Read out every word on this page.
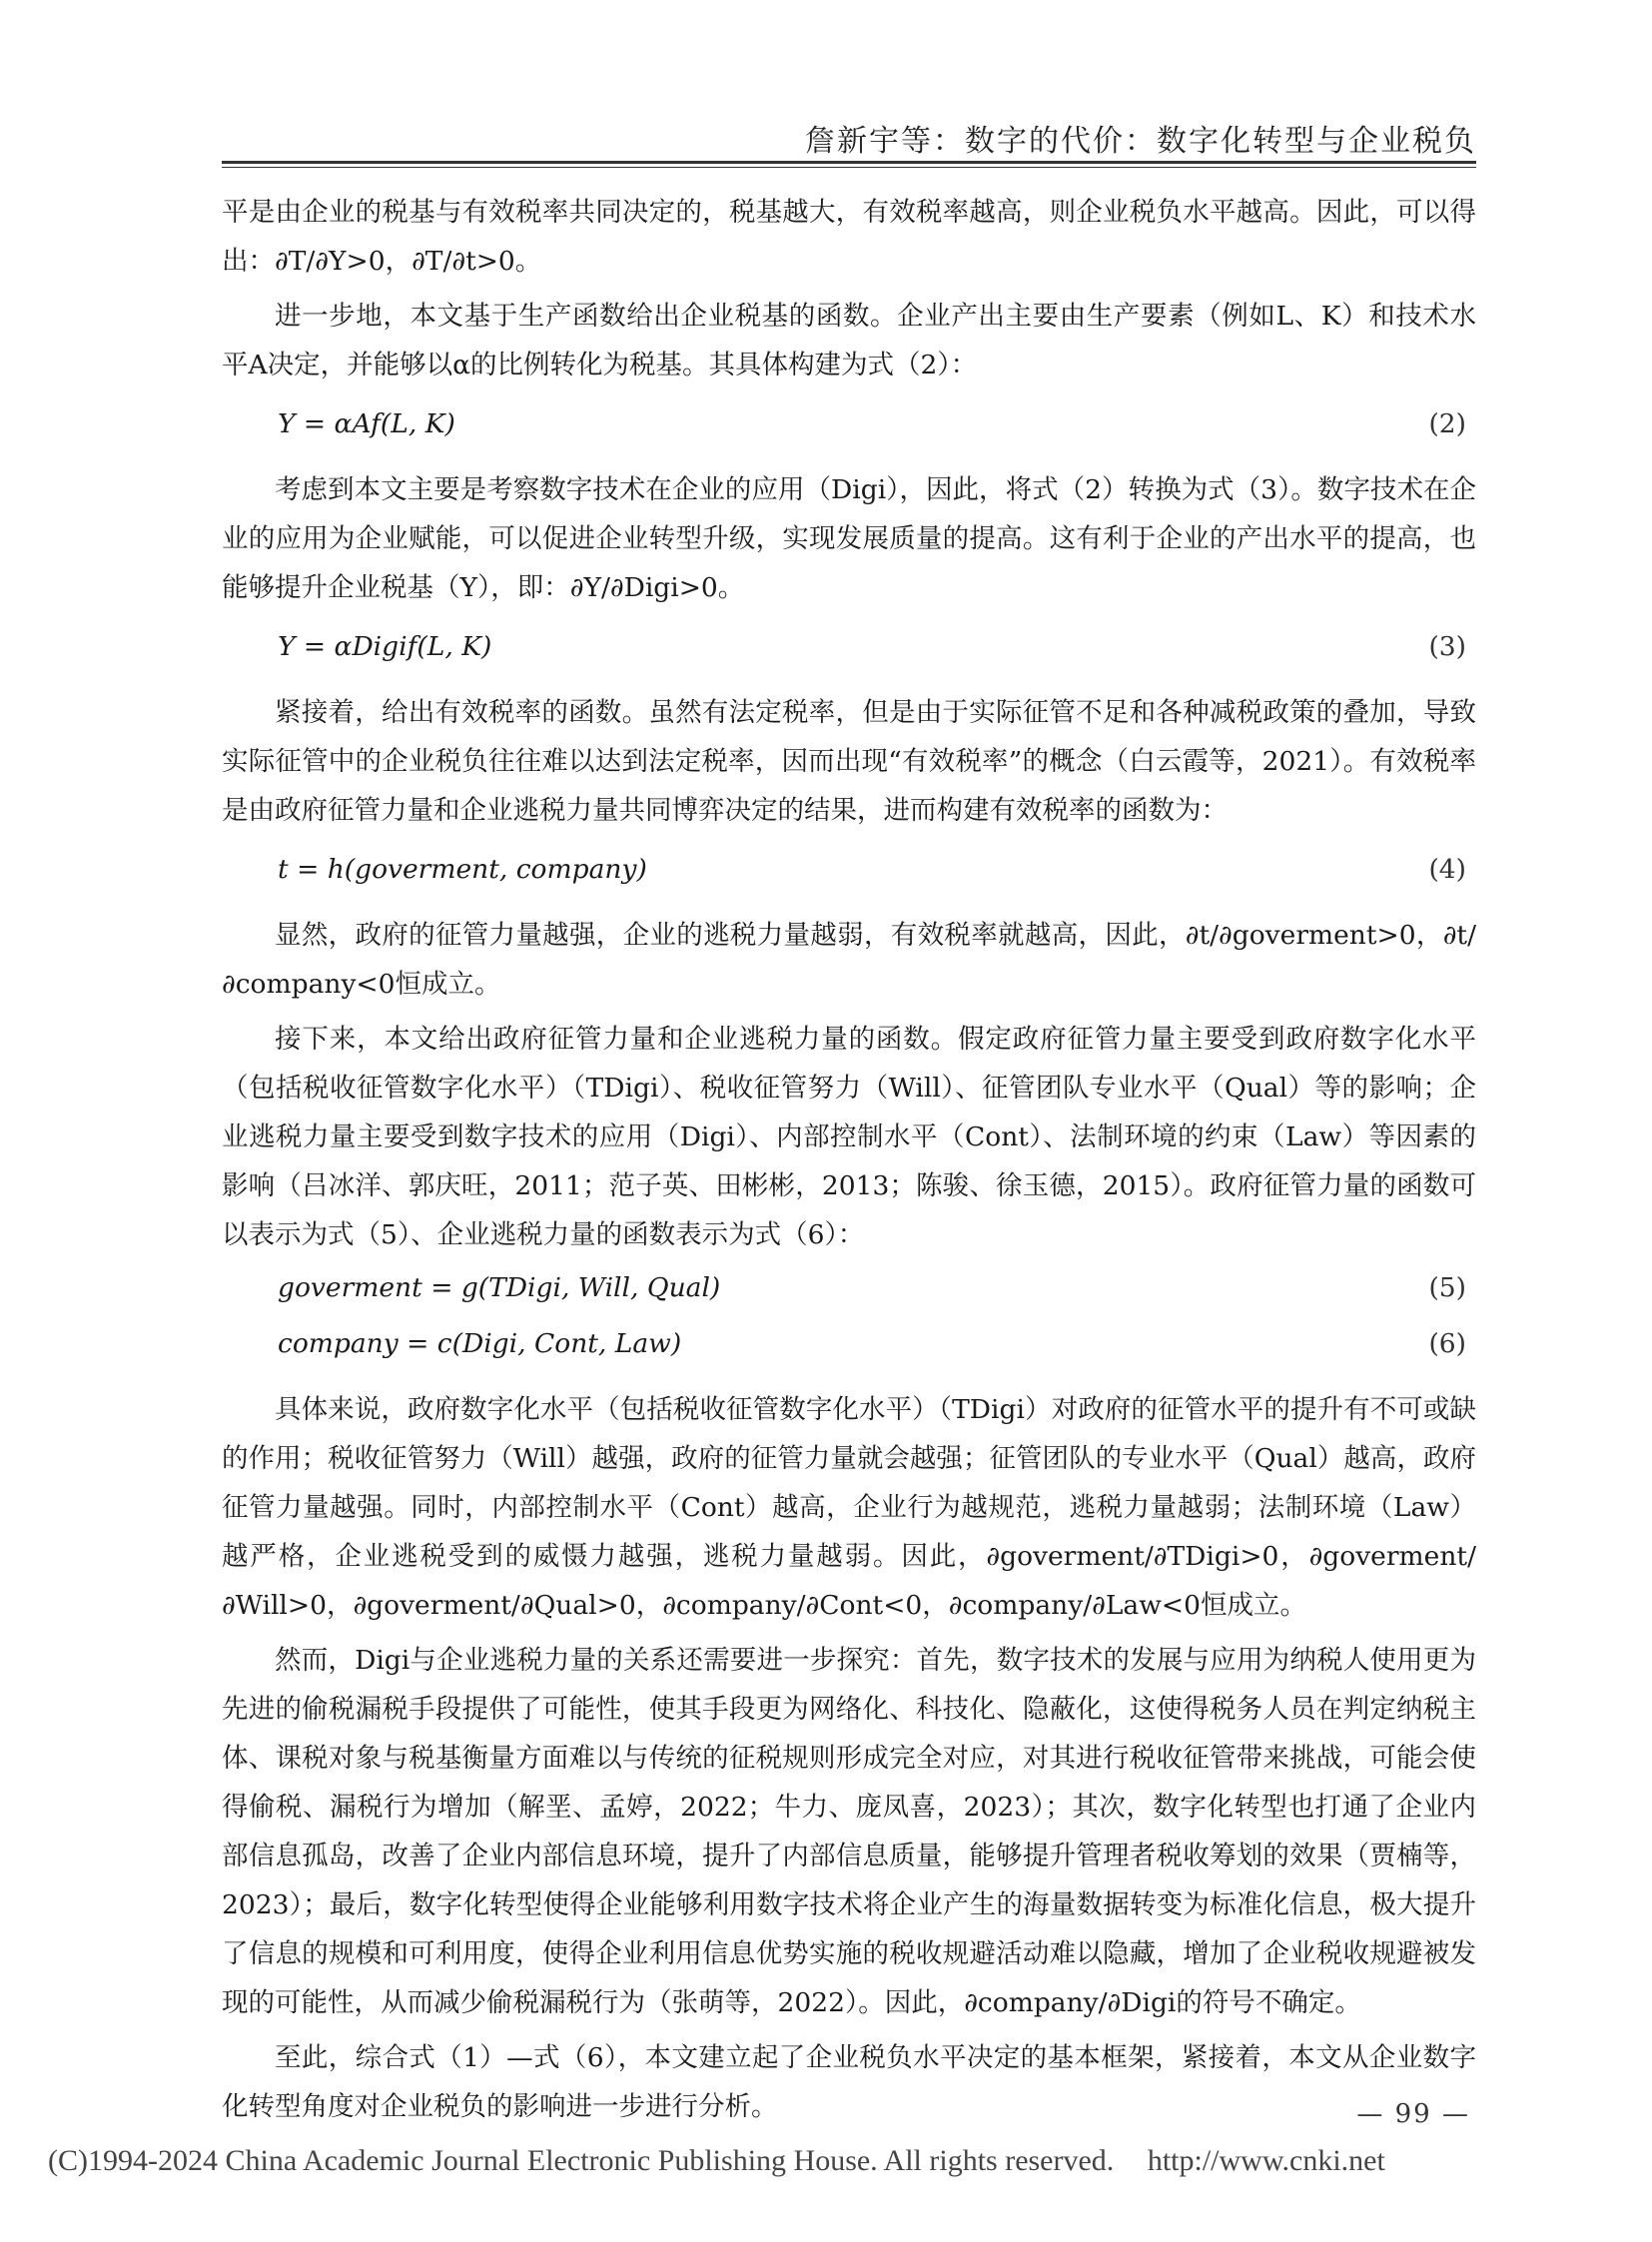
詹新宇等：数字的代价：数字化转型与企业税负

平是由企业的税基与有效税率共同决定的，税基越大，有效税率越高，则企业税负水平越高。因此，可以得出：∂T/∂Y>0，∂T/∂t>0。

进一步地，本文基于生产函数给出企业税基的函数。企业产出主要由生产要素（例如L、K）和技术水平A决定，并能够以α的比例转化为税基。其具体构建为式（2）：

Y = αAf(L, K)	(2)

考虑到本文主要是考察数字技术在企业的应用（Digi），因此，将式（2）转换为式（3）。数字技术在企业的应用为企业赋能，可以促进企业转型升级，实现发展质量的提高。这有利于企业的产出水平的提高，也能够提升企业税基（Y），即：∂Y/∂Digi>0。

Y = αDigif(L, K)	(3)

紧接着，给出有效税率的函数。虽然有法定税率，但是由于实际征管不足和各种减税政策的叠加，导致实际征管中的企业税负往往难以达到法定税率，因而出现“有效税率”的概念（白云霞等，2021）。有效税率是由政府征管力量和企业逃税力量共同博弈决定的结果，进而构建有效税率的函数为：

t = h(goverment, company)	(4)

显然，政府的征管力量越强，企业的逃税力量越弱，有效税率就越高，因此，∂t/∂goverment>0，∂t/∂company<0恒成立。

接下来，本文给出政府征管力量和企业逃税力量的函数。假定政府征管力量主要受到政府数字化水平（包括税收征管数字化水平）（TDigi）、税收征管努力（Will）、征管团队专业水平（Qual）等的影响；企业逃税力量主要受到数字技术的应用（Digi）、内部控制水平（Cont）、法制环境的约束（Law）等因素的影响（吕冰洋、郭庆旺，2011；范子英、田彬彬，2013；陈骏、徐玉德，2015）。政府征管力量的函数可以表示为式（5）、企业逃税力量的函数表示为式（6）：

goverment = g(TDigi, Will, Qual)	(5)
company = c(Digi, Cont, Law)	(6)

具体来说，政府数字化水平（包括税收征管数字化水平）（TDigi）对政府的征管水平的提升有不可或缺的作用；税收征管努力（Will）越强，政府的征管力量就会越强；征管团队的专业水平（Qual）越高，政府征管力量越强。同时，内部控制水平（Cont）越高，企业行为越规范，逃税力量越弱；法制环境（Law）越严格，企业逃税受到的威慑力越强，逃税力量越弱。因此，∂goverment/∂TDigi>0，∂goverment/∂Will>0，∂goverment/∂Qual>0，∂company/∂Cont<0，∂company/∂Law<0恒成立。

然而，Digi与企业逃税力量的关系还需要进一步探究：首先，数字技术的发展与应用为纳税人使用更为先进的偷税漏税手段提供了可能性，使其手段更为网络化、科技化、隐蔽化，这使得税务人员在判定纳税主体、课税对象与税基衡量方面难以与传统的征税规则形成完全对应，对其进行税收征管带来挑战，可能会使得偷税、漏税行为增加（解垩、孟婷，2022；牛力、庞凤喜，2023）；其次，数字化转型也打通了企业内部信息孤岛，改善了企业内部信息环境，提升了内部信息质量，能够提升管理者税收筹划的效果（贾楠等，2023）；最后，数字化转型使得企业能够利用数字技术将企业产生的海量数据转变为标准化信息，极大提升了信息的规模和可利用度，使得企业利用信息优势实施的税收规避活动难以隐藏，增加了企业税收规避被发现的可能性，从而减少偷税漏税行为（张萌等，2022）。因此，∂company/∂Digi的符号不确定。

至此，综合式（1）—式（6），本文建立起了企业税负水平决定的基本框架，紧接着，本文从企业数字化转型角度对企业税负的影响进一步进行分析。	— 99 —
(C)1994-2024 China Academic Journal Electronic Publishing House. All rights reserved. http://www.cnki.net
